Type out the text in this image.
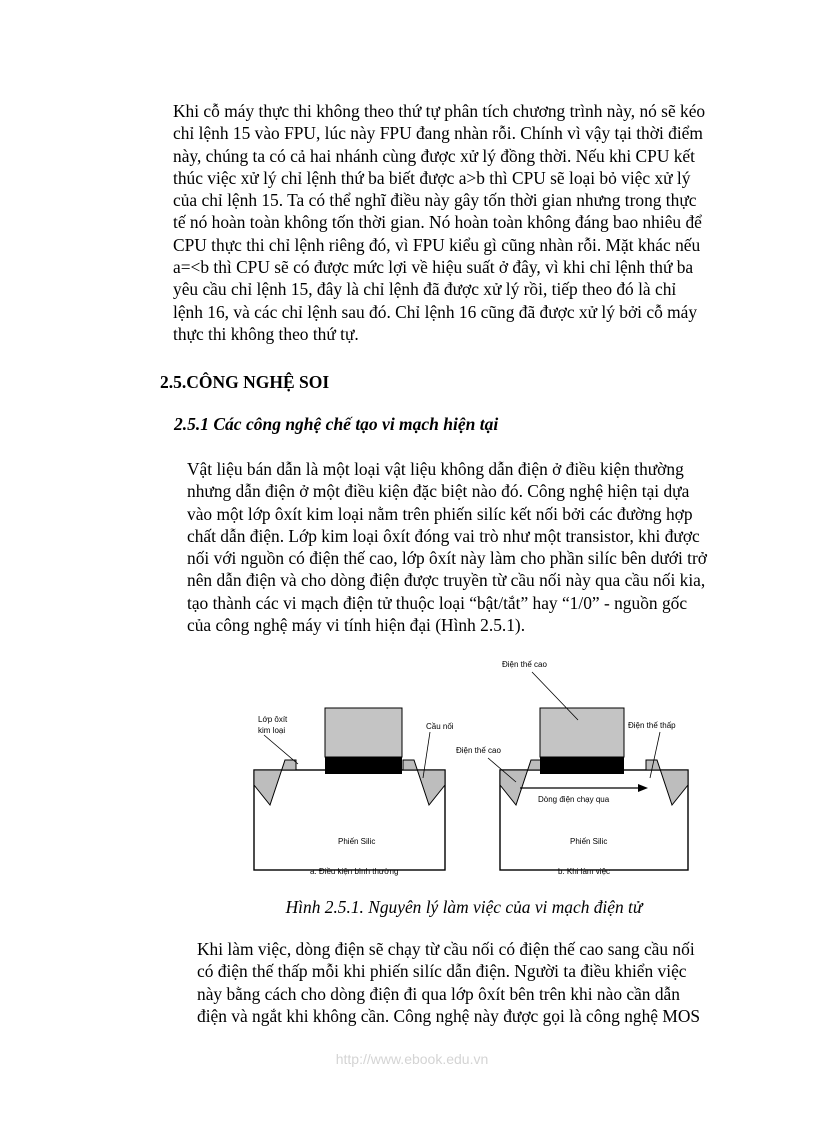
Khi cỗ máy thực thi không theo thứ tự phân tích chương trình này, nó sẽ kéo
chỉ lệnh 15 vào FPU, lúc này FPU đang nhàn rỗi. Chính vì vậy tại thời điểm
này, chúng ta có cả hai nhánh cùng được xử lý đồng thời. Nếu khi CPU kết
thúc việc xử lý chỉ lệnh thứ ba biết được a>b thì CPU sẽ loại bỏ việc xử lý
của chỉ lệnh 15. Ta có thể nghĩ điều này gây tốn thời gian nhưng trong thực
tế nó hoàn toàn không tốn thời gian. Nó hoàn toàn không đáng bao nhiêu để
CPU thực thi chỉ lệnh riêng đó, vì FPU kiểu gì cũng nhàn rỗi. Mặt khác nếu
a=<b thì CPU sẽ có được mức lợi về hiệu suất ở đây, vì khi chỉ lệnh thứ ba
yêu cầu chỉ lệnh 15, đây là chỉ lệnh đã được xử lý rồi, tiếp theo đó là chỉ
lệnh 16, và các chỉ lệnh sau đó. Chỉ lệnh 16 cũng đã được xử lý bởi cỗ máy
thực thi không theo thứ tự.
2.5.CÔNG NGHỆ SOI
2.5.1 Các công nghệ chế tạo vi mạch hiện tại
Vật liệu bán dẫn là một loại vật liệu không dẫn điện ở điều kiện thường
nhưng dẫn điện ở một điều kiện đặc biệt nào đó. Công nghệ hiện tại dựa
vào một lớp ôxít kim loại nằm trên phiến silíc kết nối bởi các đường hợp
chất dẫn điện. Lớp kim loại ôxít đóng vai trò như một transistor, khi được
nối với nguồn có điện thế cao, lớp ôxít này làm cho phần silíc bên dưới trở
nên dẫn điện và cho dòng điện được truyền từ cầu nối này qua cầu nối kia,
tạo thành các vi mạch điện tử thuộc loại “bật/tắt” hay “1/0” - nguồn gốc
của công nghệ máy vi tính hiện đại (Hình 2.5.1).
Lớp ôxít
kim loại	Cầu nối
Phiến Silic
a. Điều kiện bình thường
Điện thế cao
Điện thế thấp
Điện thế cao
Dòng điện chạy qua
Phiến Silic
b. Khi làm việc

Hình 2.5.1. Nguyên lý làm việc của vi mạch điện tử

Khi làm việc, dòng điện sẽ chạy từ cầu nối có điện thế cao sang cầu nối
có điện thế thấp mỗi khi phiến silíc dẫn điện. Người ta điều khiển việc
này bằng cách cho dòng điện đi qua lớp ôxít bên trên khi nào cần dẫn
điện và ngắt khi không cần. Công nghệ này được gọi là công nghệ MOS

http://www.ebook.edu.vn
